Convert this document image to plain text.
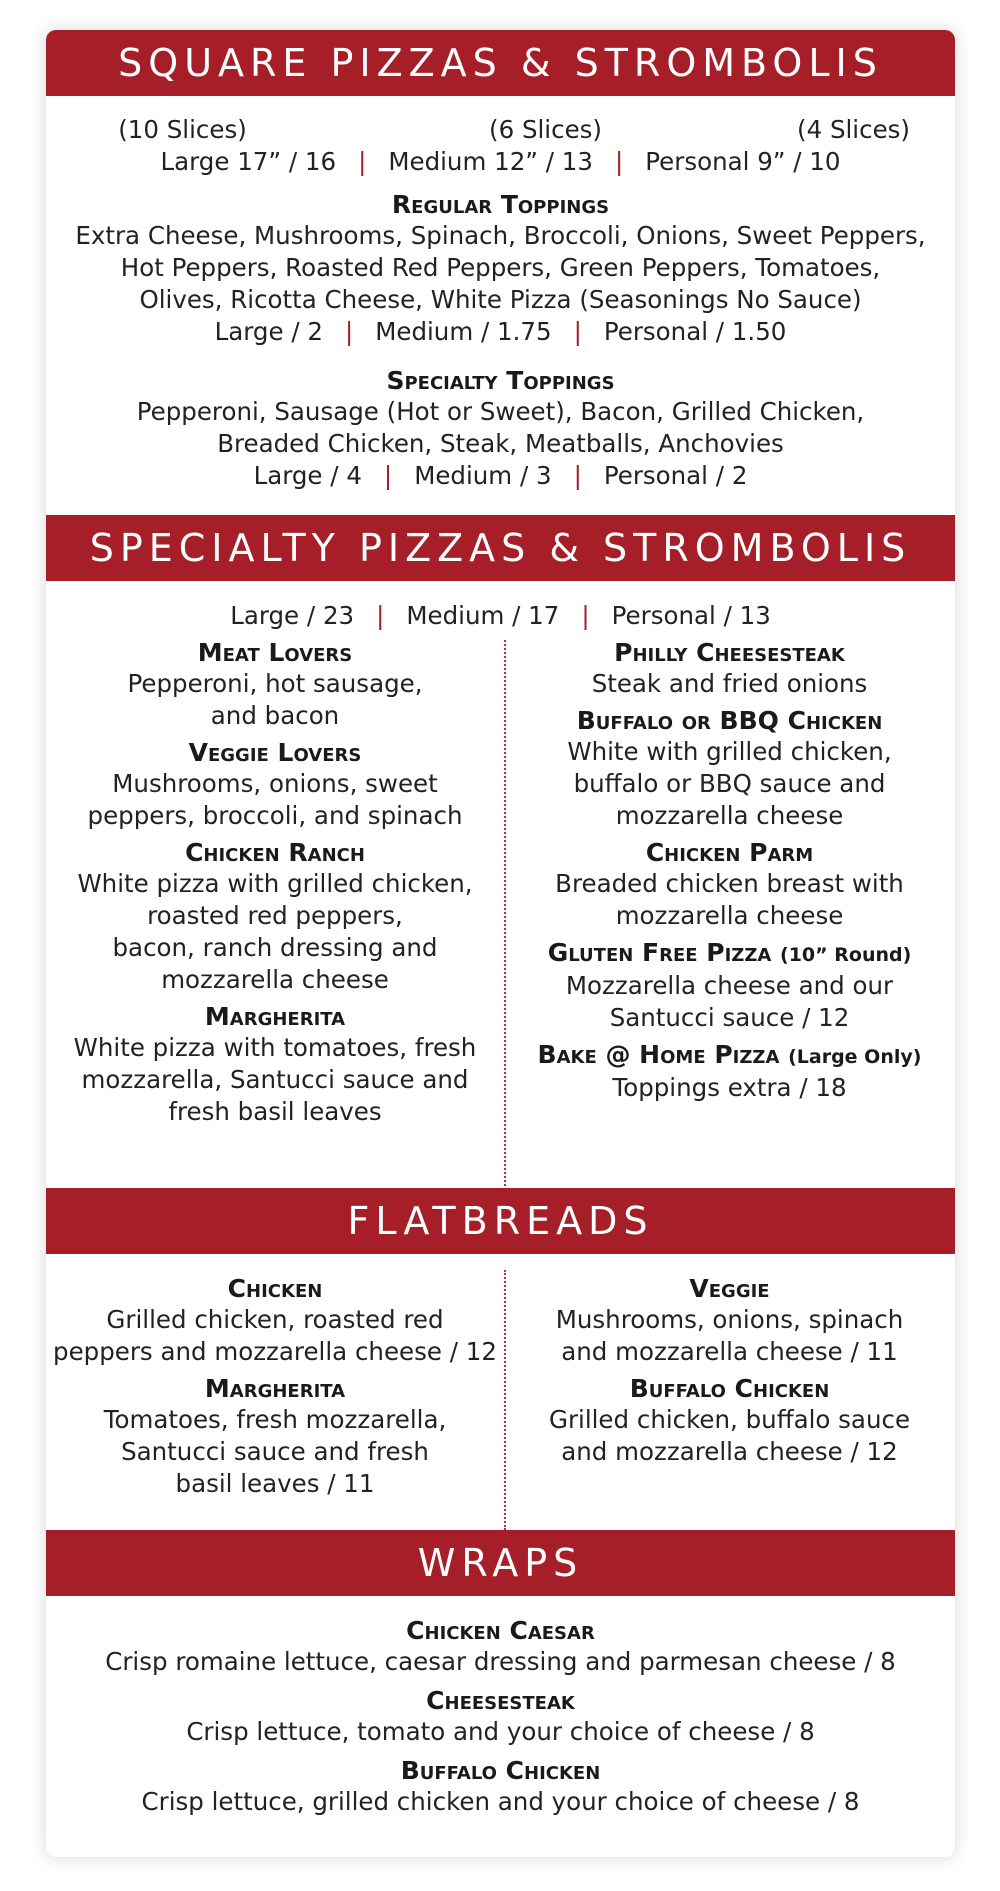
SQUARE PIZZAS & STROMBOLIS
(10 Slices)	(6 Slices)	(4 Slices)
Large 17” / 16 | Medium 12” / 13 | Personal 9” / 10
Regular Toppings
Extra Cheese, Mushrooms, Spinach, Broccoli, Onions, Sweet Peppers,
Hot Peppers, Roasted Red Peppers, Green Peppers, Tomatoes,
Olives, Ricotta Cheese, White Pizza (Seasonings No Sauce)
Large / 2 | Medium / 1.75 | Personal / 1.50
Specialty Toppings
Pepperoni, Sausage (Hot or Sweet), Bacon, Grilled Chicken,
Breaded Chicken, Steak, Meatballs, Anchovies
Large / 4 | Medium / 3 | Personal / 2
SPECIALTY PIZZAS & STROMBOLIS
Large / 23 | Medium / 17 | Personal / 13
Meat Lovers
Pepperoni, hot sausage,
and bacon
Veggie Lovers
Mushrooms, onions, sweet
peppers, broccoli, and spinach
Chicken Ranch
White pizza with grilled chicken,
roasted red peppers,
bacon, ranch dressing and
mozzarella cheese
Margherita
White pizza with tomatoes, fresh
mozzarella, Santucci sauce and
fresh basil leaves
Philly Cheesesteak
Steak and fried onions
Buffalo or BBQ Chicken
White with grilled chicken,
buffalo or BBQ sauce and
mozzarella cheese
Chicken Parm
Breaded chicken breast with
mozzarella cheese
Gluten Free Pizza (10” Round)
Mozzarella cheese and our
Santucci sauce / 12
Bake @ Home Pizza (Large Only)
Toppings extra / 18
FLATBREADS
Chicken
Grilled chicken, roasted red
peppers and mozzarella cheese / 12
Margherita
Tomatoes, fresh mozzarella,
Santucci sauce and fresh
basil leaves / 11
Veggie
Mushrooms, onions, spinach
and mozzarella cheese / 11
Buffalo Chicken
Grilled chicken, buffalo sauce
and mozzarella cheese / 12
WRAPS
Chicken Caesar
Crisp romaine lettuce, caesar dressing and parmesan cheese / 8
Cheesesteak
Crisp lettuce, tomato and your choice of cheese / 8
Buffalo Chicken
Crisp lettuce, grilled chicken and your choice of cheese / 8
